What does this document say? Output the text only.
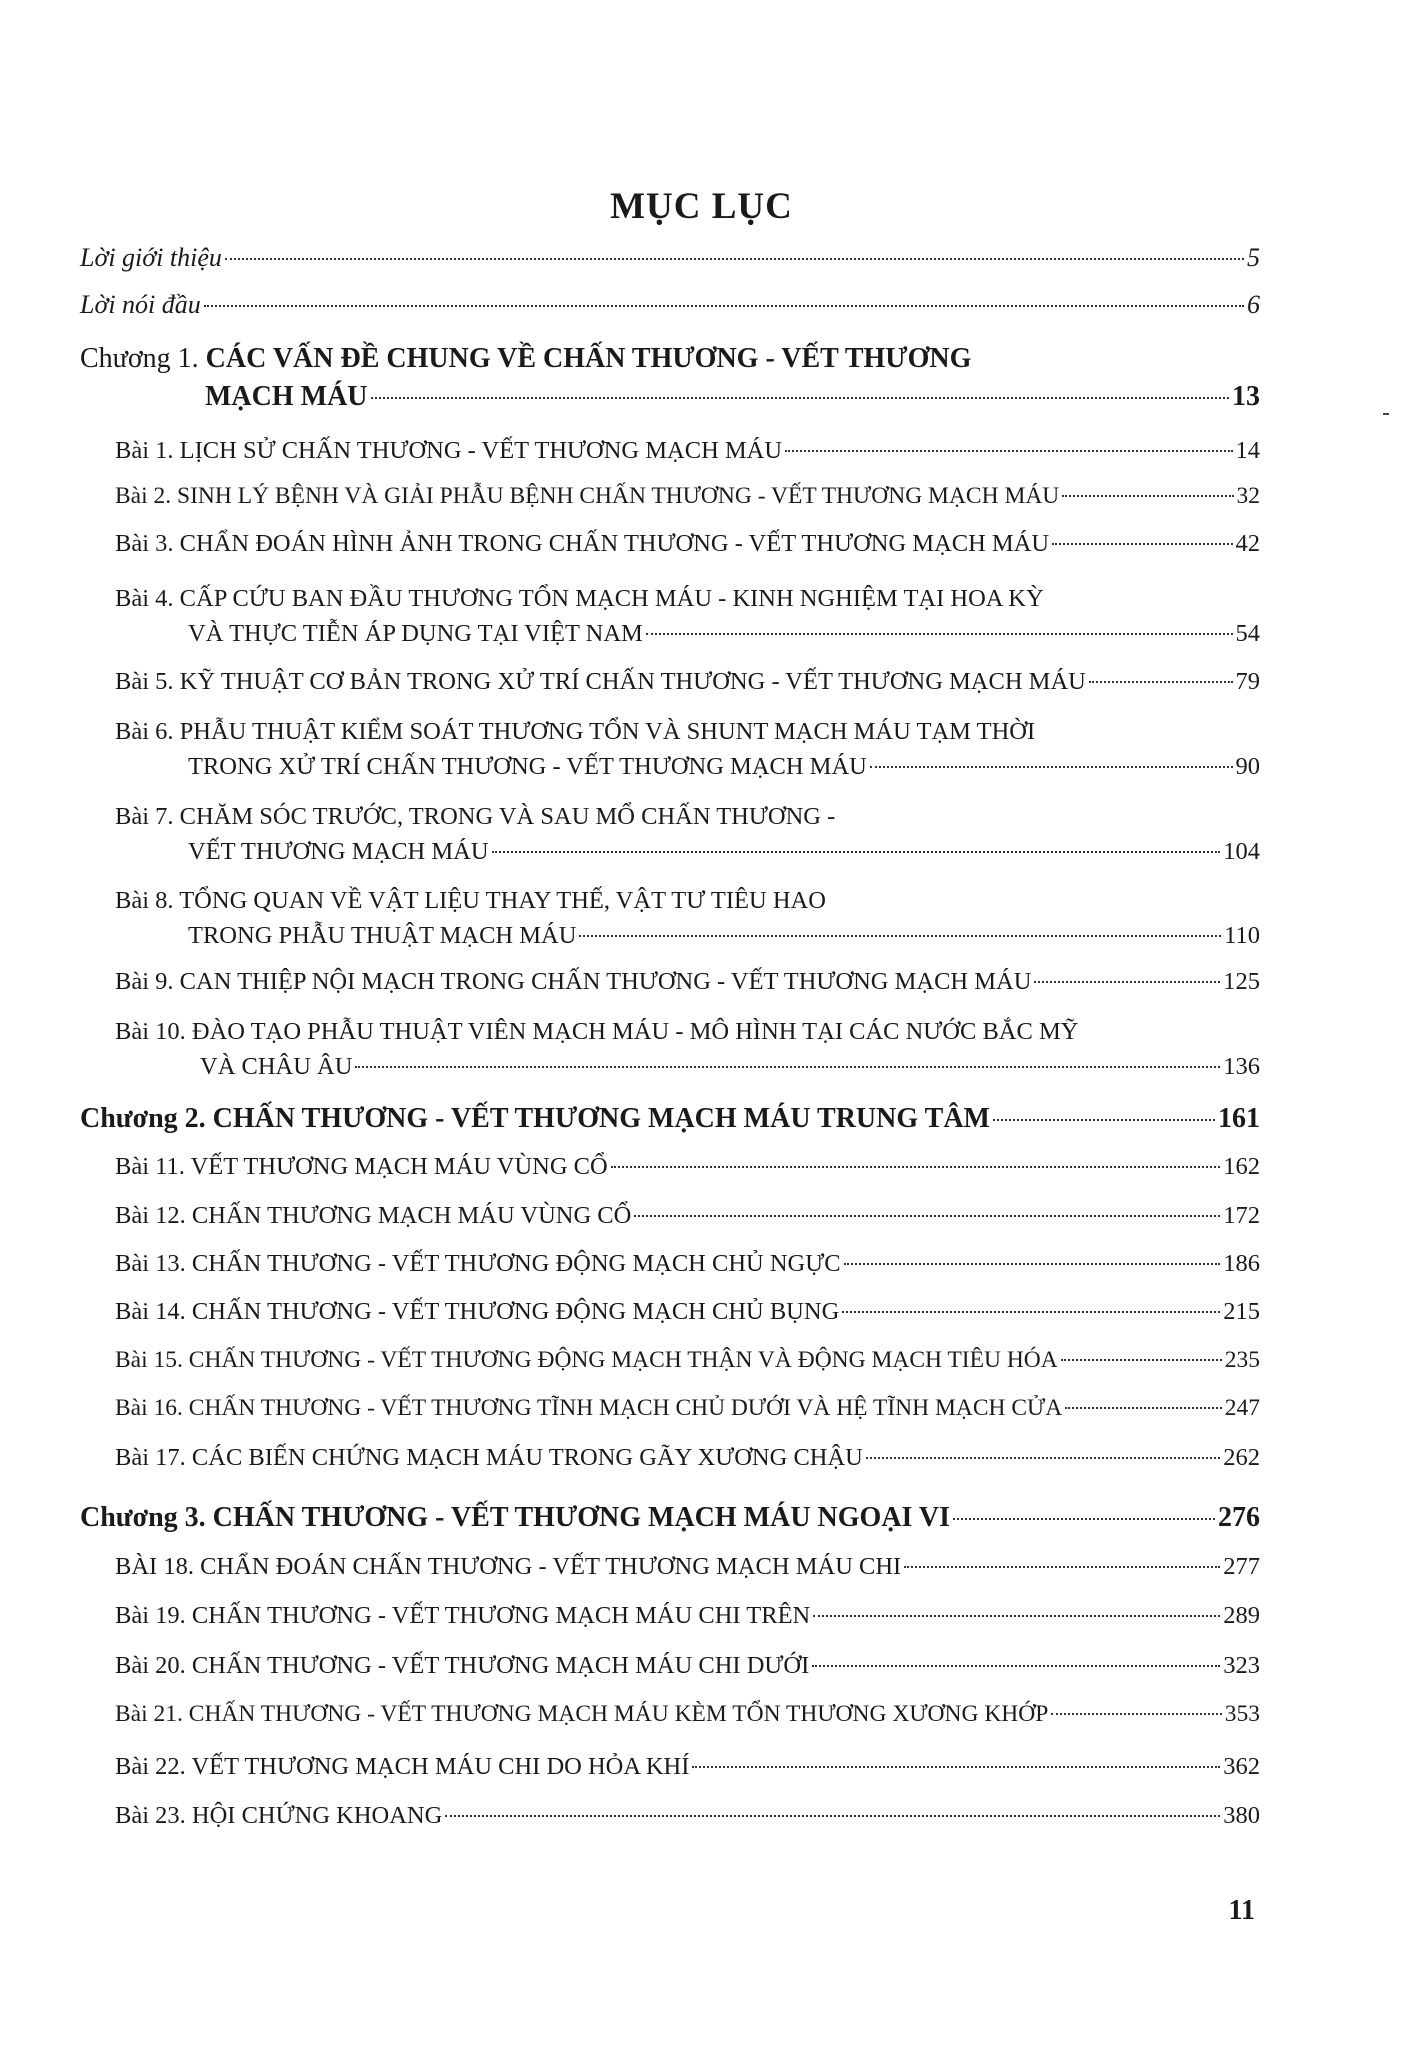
MỤC LỤC
Lời giới thiệu	5
Lời nói đầu	6
Chương 1. CÁC VẤN ĐỀ CHUNG VỀ CHẤN THƯƠNG - VẾT THƯƠNG
MẠCH MÁU	13
Bài 1. LỊCH SỬ CHẤN THƯƠNG - VẾT THƯƠNG MẠCH MÁU	14
Bài 2. SINH LÝ BỆNH VÀ GIẢI PHẪU BỆNH CHẤN THƯƠNG - VẾT THƯƠNG MẠCH MÁU	32
Bài 3. CHẨN ĐOÁN HÌNH ẢNH TRONG CHẤN THƯƠNG - VẾT THƯƠNG MẠCH MÁU	42
Bài 4. CẤP CỨU BAN ĐẦU THƯƠNG TỔN MẠCH MÁU - KINH NGHIỆM TẠI HOA KỲ
VÀ THỰC TIỄN ÁP DỤNG TẠI VIỆT NAM	54
Bài 5. KỸ THUẬT CƠ BẢN TRONG XỬ TRÍ CHẤN THƯƠNG - VẾT THƯƠNG MẠCH MÁU	79
Bài 6. PHẪU THUẬT KIỂM SOÁT THƯƠNG TỔN VÀ SHUNT MẠCH MÁU TẠM THỜI
TRONG XỬ TRÍ CHẤN THƯƠNG - VẾT THƯƠNG MẠCH MÁU	90
Bài 7. CHĂM SÓC TRƯỚC, TRONG VÀ SAU MỔ CHẤN THƯƠNG -
VẾT THƯƠNG MẠCH MÁU	104
Bài 8. TỔNG QUAN VỀ VẬT LIỆU THAY THẾ, VẬT TƯ TIÊU HAO
TRONG PHẪU THUẬT MẠCH MÁU	110
Bài 9. CAN THIỆP NỘI MẠCH TRONG CHẤN THƯƠNG - VẾT THƯƠNG MẠCH MÁU	125
Bài 10. ĐÀO TẠO PHẪU THUẬT VIÊN MẠCH MÁU - MÔ HÌNH TẠI CÁC NƯỚC BẮC MỸ
VÀ CHÂU ÂU	136
Chương 2. CHẤN THƯƠNG - VẾT THƯƠNG MẠCH MÁU TRUNG TÂM	161
Bài 11. VẾT THƯƠNG MẠCH MÁU VÙNG CỔ	162
Bài 12. CHẤN THƯƠNG MẠCH MÁU VÙNG CỔ	172
Bài 13. CHẤN THƯƠNG - VẾT THƯƠNG ĐỘNG MẠCH CHỦ NGỰC	186
Bài 14. CHẤN THƯƠNG - VẾT THƯƠNG ĐỘNG MẠCH CHỦ BỤNG	215
Bài 15. CHẤN THƯƠNG - VẾT THƯƠNG ĐỘNG MẠCH THẬN VÀ ĐỘNG MẠCH TIÊU HÓA	235
Bài 16. CHẤN THƯƠNG - VẾT THƯƠNG TĨNH MẠCH CHỦ DƯỚI VÀ HỆ TĨNH MẠCH CỬA	247
Bài 17. CÁC BIẾN CHỨNG MẠCH MÁU TRONG GÃY XƯƠNG CHẬU	262
Chương 3. CHẤN THƯƠNG - VẾT THƯƠNG MẠCH MÁU NGOẠI VI	276
BÀI 18. CHẨN ĐOÁN CHẤN THƯƠNG - VẾT THƯƠNG MẠCH MÁU CHI	277
Bài 19. CHẤN THƯƠNG - VẾT THƯƠNG MẠCH MÁU CHI TRÊN	289
Bài 20. CHẤN THƯƠNG - VẾT THƯƠNG MẠCH MÁU CHI DƯỚI	323
Bài 21. CHẤN THƯƠNG - VẾT THƯƠNG MẠCH MÁU KÈM TỔN THƯƠNG XƯƠNG KHỚP	353
Bài 22. VẾT THƯƠNG MẠCH MÁU CHI DO HỎA KHÍ	362
Bài 23. HỘI CHỨNG KHOANG	380
11
